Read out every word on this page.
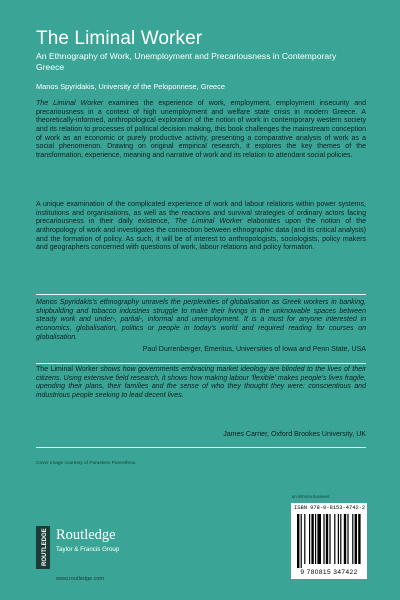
The Liminal Worker
An Ethnography of Work, Unemployment and Precariousness in Contemporary Greece
Manos Spyridakis, University of the Peloponnese, Greece
The Liminal Worker examines the experience of work, employment, employment insecurity and precariousness in a context of high unemployment and welfare state crisis in modern Greece. A theoretically-informed, anthropological exploration of the notion of work in contemporary western society and its relation to processes of political decision making, this book challenges the mainstream conception of work as an economic or purely productive activity, presenting a comparative analysis of work as a social phenomenon. Drawing on original empirical research, it explores the key themes of the transformation, experience, meaning and narrative of work and its relation to attendant social policies.
A unique examination of the complicated experience of work and labour relations within power systems, institutions and organisations, as well as the reactions and survival strategies of ordinary actors facing precariousness in their daily existence, The Liminal Worker elaborates upon the notion of the anthropology of work and investigates the connection between ethnographic data (and its critical analysis) and the formation of policy. As such, it will be of interest to anthropologists, sociologists, policy makers and geographers concerned with questions of work, labour relations and policy formation.
Manos Spyridakis's ethnography unravels the perplexities of globalisation as Greek workers in banking, shipbuilding and tobacco industries struggle to make their livings in the unknowable spaces between steady work and under-, partial-, informal and unemployment. It is a must for anyone interested in economics, globalisation, politics or people in today's world and required reading for courses on globalisation.
Paul Durrenberger, Emeritus, Universities of Iowa and Penn State, USA
The Liminal Worker shows how governments embracing market ideology are blinded to the lives of their citizens. Using extensive field research, it shows how making labour 'flexible' makes people's lives fragile, upending their plans, their families and the sense of who they thought they were: conscientious and industrious people seeking to lead decent lives.
James Carrier, Oxford Brookes University, UK
Cover image courtesy of Paraskevi Parenthrou
an informa business
ROUTLEDGE Routledge
Taylor & Francis Group
www.routledge.com
ISBN 978-0-8153-4742-2
9 780815 347422
